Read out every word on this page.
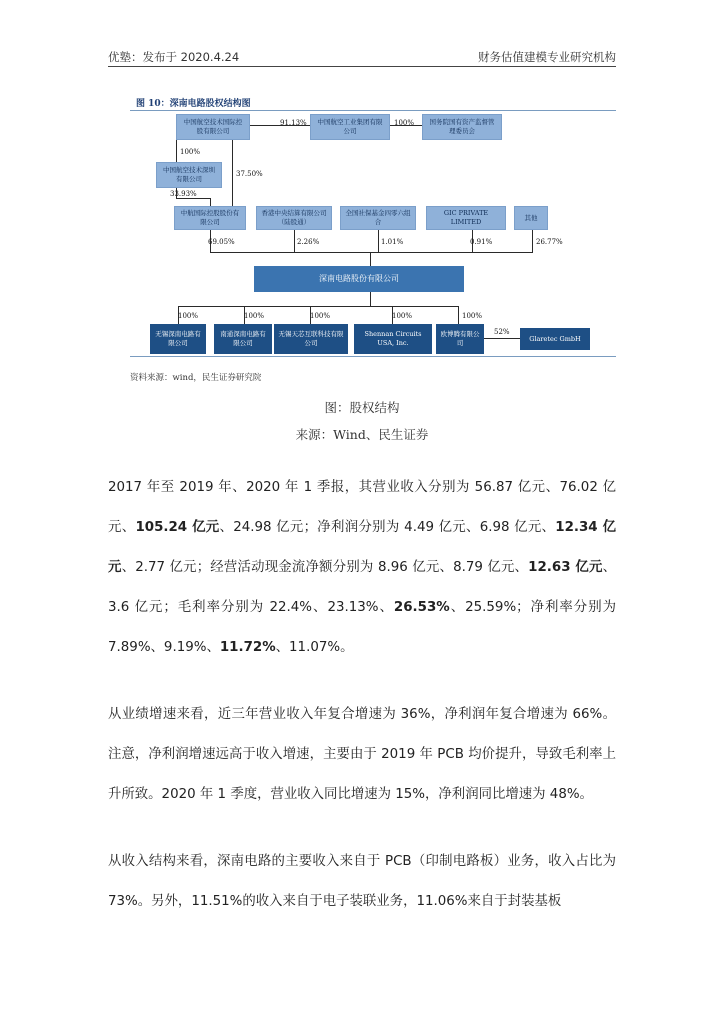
优塾：发布于 2020.4.24	财务估值建模专业研究机构
图 10：深南电路股权结构图
中国航空技术国际控股有限公司
中国航空工业集团有限公司
国务院国有资产监督管理委员会
中国航空技术深圳有限公司
中航国际控股股份有限公司
香港中央结算有限公司（陆股通）
全国社保基金四零六组合
GIC PRIVATE LIMITED
其他
深南电路股份有限公司
无锡深南电路有限公司
南通深南电路有限公司
无锡天芯互联科技有限公司
Shennan Circuits USA, Inc.
欧博腾有限公司
Glaretec GmbH
91.13%	100%
100%
37.50%
33.93%
69.05%	2.26%	1.01%	0.91%	26.77%
100%	100%	100%	100%	100%
52%
资料来源：wind，民生证券研究院
图：股权结构
来源：Wind、民生证券
2017 年至 2019 年、2020 年 1 季报，其营业收入分别为 56.87 亿元、76.02 亿元、105.24 亿元、24.98 亿元；净利润分别为 4.49 亿元、6.98 亿元、12.34 亿元、2.77 亿元；经营活动现金流净额分别为 8.96 亿元、8.79 亿元、12.63 亿元、3.6 亿元；毛利率分别为 22.4%、23.13%、26.53%、25.59%；净利率分别为 7.89%、9.19%、11.72%、11.07%。
从业绩增速来看，近三年营业收入年复合增速为 36%，净利润年复合增速为 66%。注意，净利润增速远高于收入增速，主要由于 2019 年 PCB 均价提升，导致毛利率上升所致。2020 年 1 季度，营业收入同比增速为 15%，净利润同比增速为 48%。
从收入结构来看，深南电路的主要收入来自于 PCB（印制电路板）业务，收入占比为 73%。另外，11.51%的收入来自于电子装联业务，11.06%来自于封装基板
